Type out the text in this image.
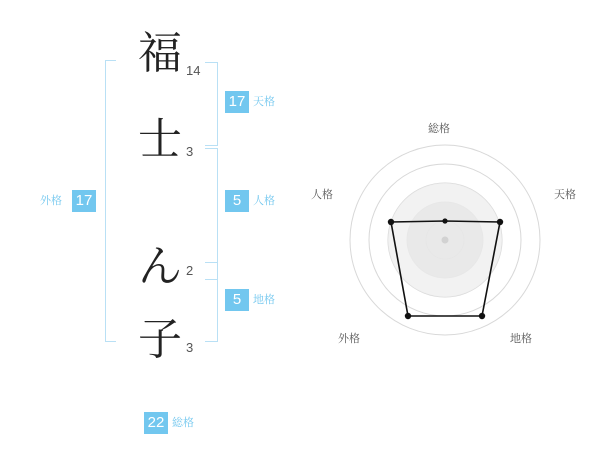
福 14
士 3
ん 2
子 3
17 天格
5	人格
5	地格
外格 17
22 総格
総格
天格
地格
外格
人格
